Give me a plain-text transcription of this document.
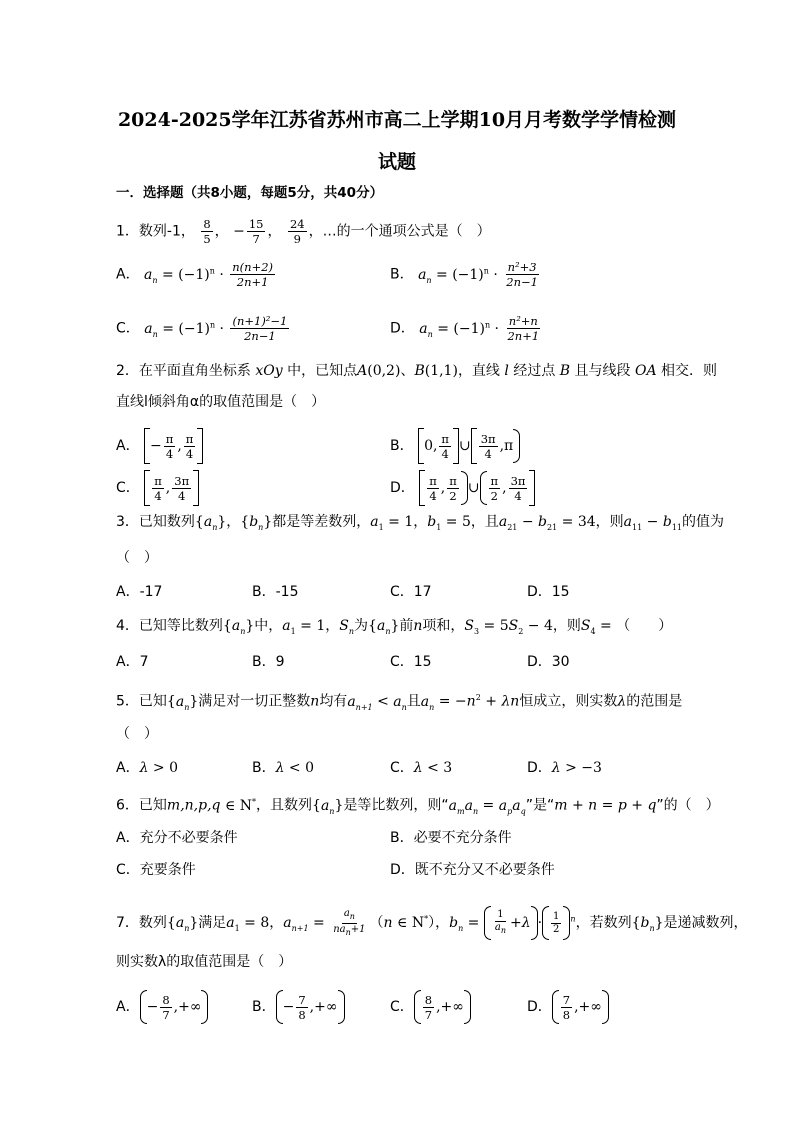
2024-2025学年江苏省苏州市高二上学期10月月考数学学情检测
试题
一．选择题（共8小题，每题5分，共40分）
1．数列-1， $\frac{8}{5}$ ， − $\frac{15}{7}$ ， $\frac{24}{9}$ ，…的一个通项公式是（　）
A． $a_n = (-1)^n \cdot \frac{n(n+2)}{2n+1}$	B． $a_n = (-1)^n \cdot \frac{\text{n²+3}}{2n-1}$
C． $a_n = (-1)^n \cdot \frac{\text{(n+1)²−1}}{2n-1}$	D． $a_n = (-1)^n \cdot \frac{\text{n²+n}}{2n+1}$
2．在平面直角坐标系 xOy 中，已知点A(0,2)、B(1,1)，直线 l 经过点 B 且与线段 OA 相交．则
直线l倾斜角α的取值范围是（　）
A． − $\frac{\pi}{4}$ , $\frac{\pi}{4}$	B． 0, $\frac{\pi}{4}$ ∪ $\frac{3\pi}{4} ,\pi$
C． $\frac{\pi}{4}$ , $\frac{3\pi}{4}$	D． $\frac{\pi}{4}$ , $\frac{\pi}{2}$ ∪ $\frac{\pi}{2}$ , $\frac{3\pi}{4}$
3．已知数列$\{a_n\}$，$\{b_n\}$都是等差数列，$a_1 = 1$，$b_1 = 5$，且$a_{21} - b_{21} = 34$，则$a_{11} - b_{11}$的值为
（　）
A．-17	B．-15	C．17	D．15
4．已知等比数列$\{a_n\}$中，$a_1 = 1$，$S_n$为$\{a_n\}$前n项和，$S_3 = 5S_2 - 4$，则$S_4$ = （　　）
A．7	B．9	C．15	D．30
5．已知$\{a_n\}$满足对一切正整数n均有$a_{n+1} < a_n$且$a_n = -n^2 + \lambda n$恒成立，则实数λ的范围是
（　）
A．λ > 0	B．λ < 0	C．λ < 3	D．λ > −3
6．已知m,n,p,q ∈ N*，且数列$\{a_n\}$是等比数列，则“$a_ma_n = a_pa_q$”是“m + n = p + q”的（　）
A．充分不必要条件	B．必要不充分条件
C．充要条件	D．既不充分又不必要条件
7．数列$\{a_n\}$满足$a_1 = 8$，$a_{n+1} = \frac{a_n}{na_n+1} (n$ ∈ N*），$b_n = \frac{1}{a_n} +\lambda \cdot \frac{1}{2} ^n$，若数列$\{b_n\}$是递减数列，
则实数λ的取值范围是（　）
A． − $\frac{8}{7}$ ,+∞	B． − $\frac{7}{8}$ ,+∞	C． $\frac{8}{7}$ ,+∞	D． $\frac{7}{8}$ ,+∞
